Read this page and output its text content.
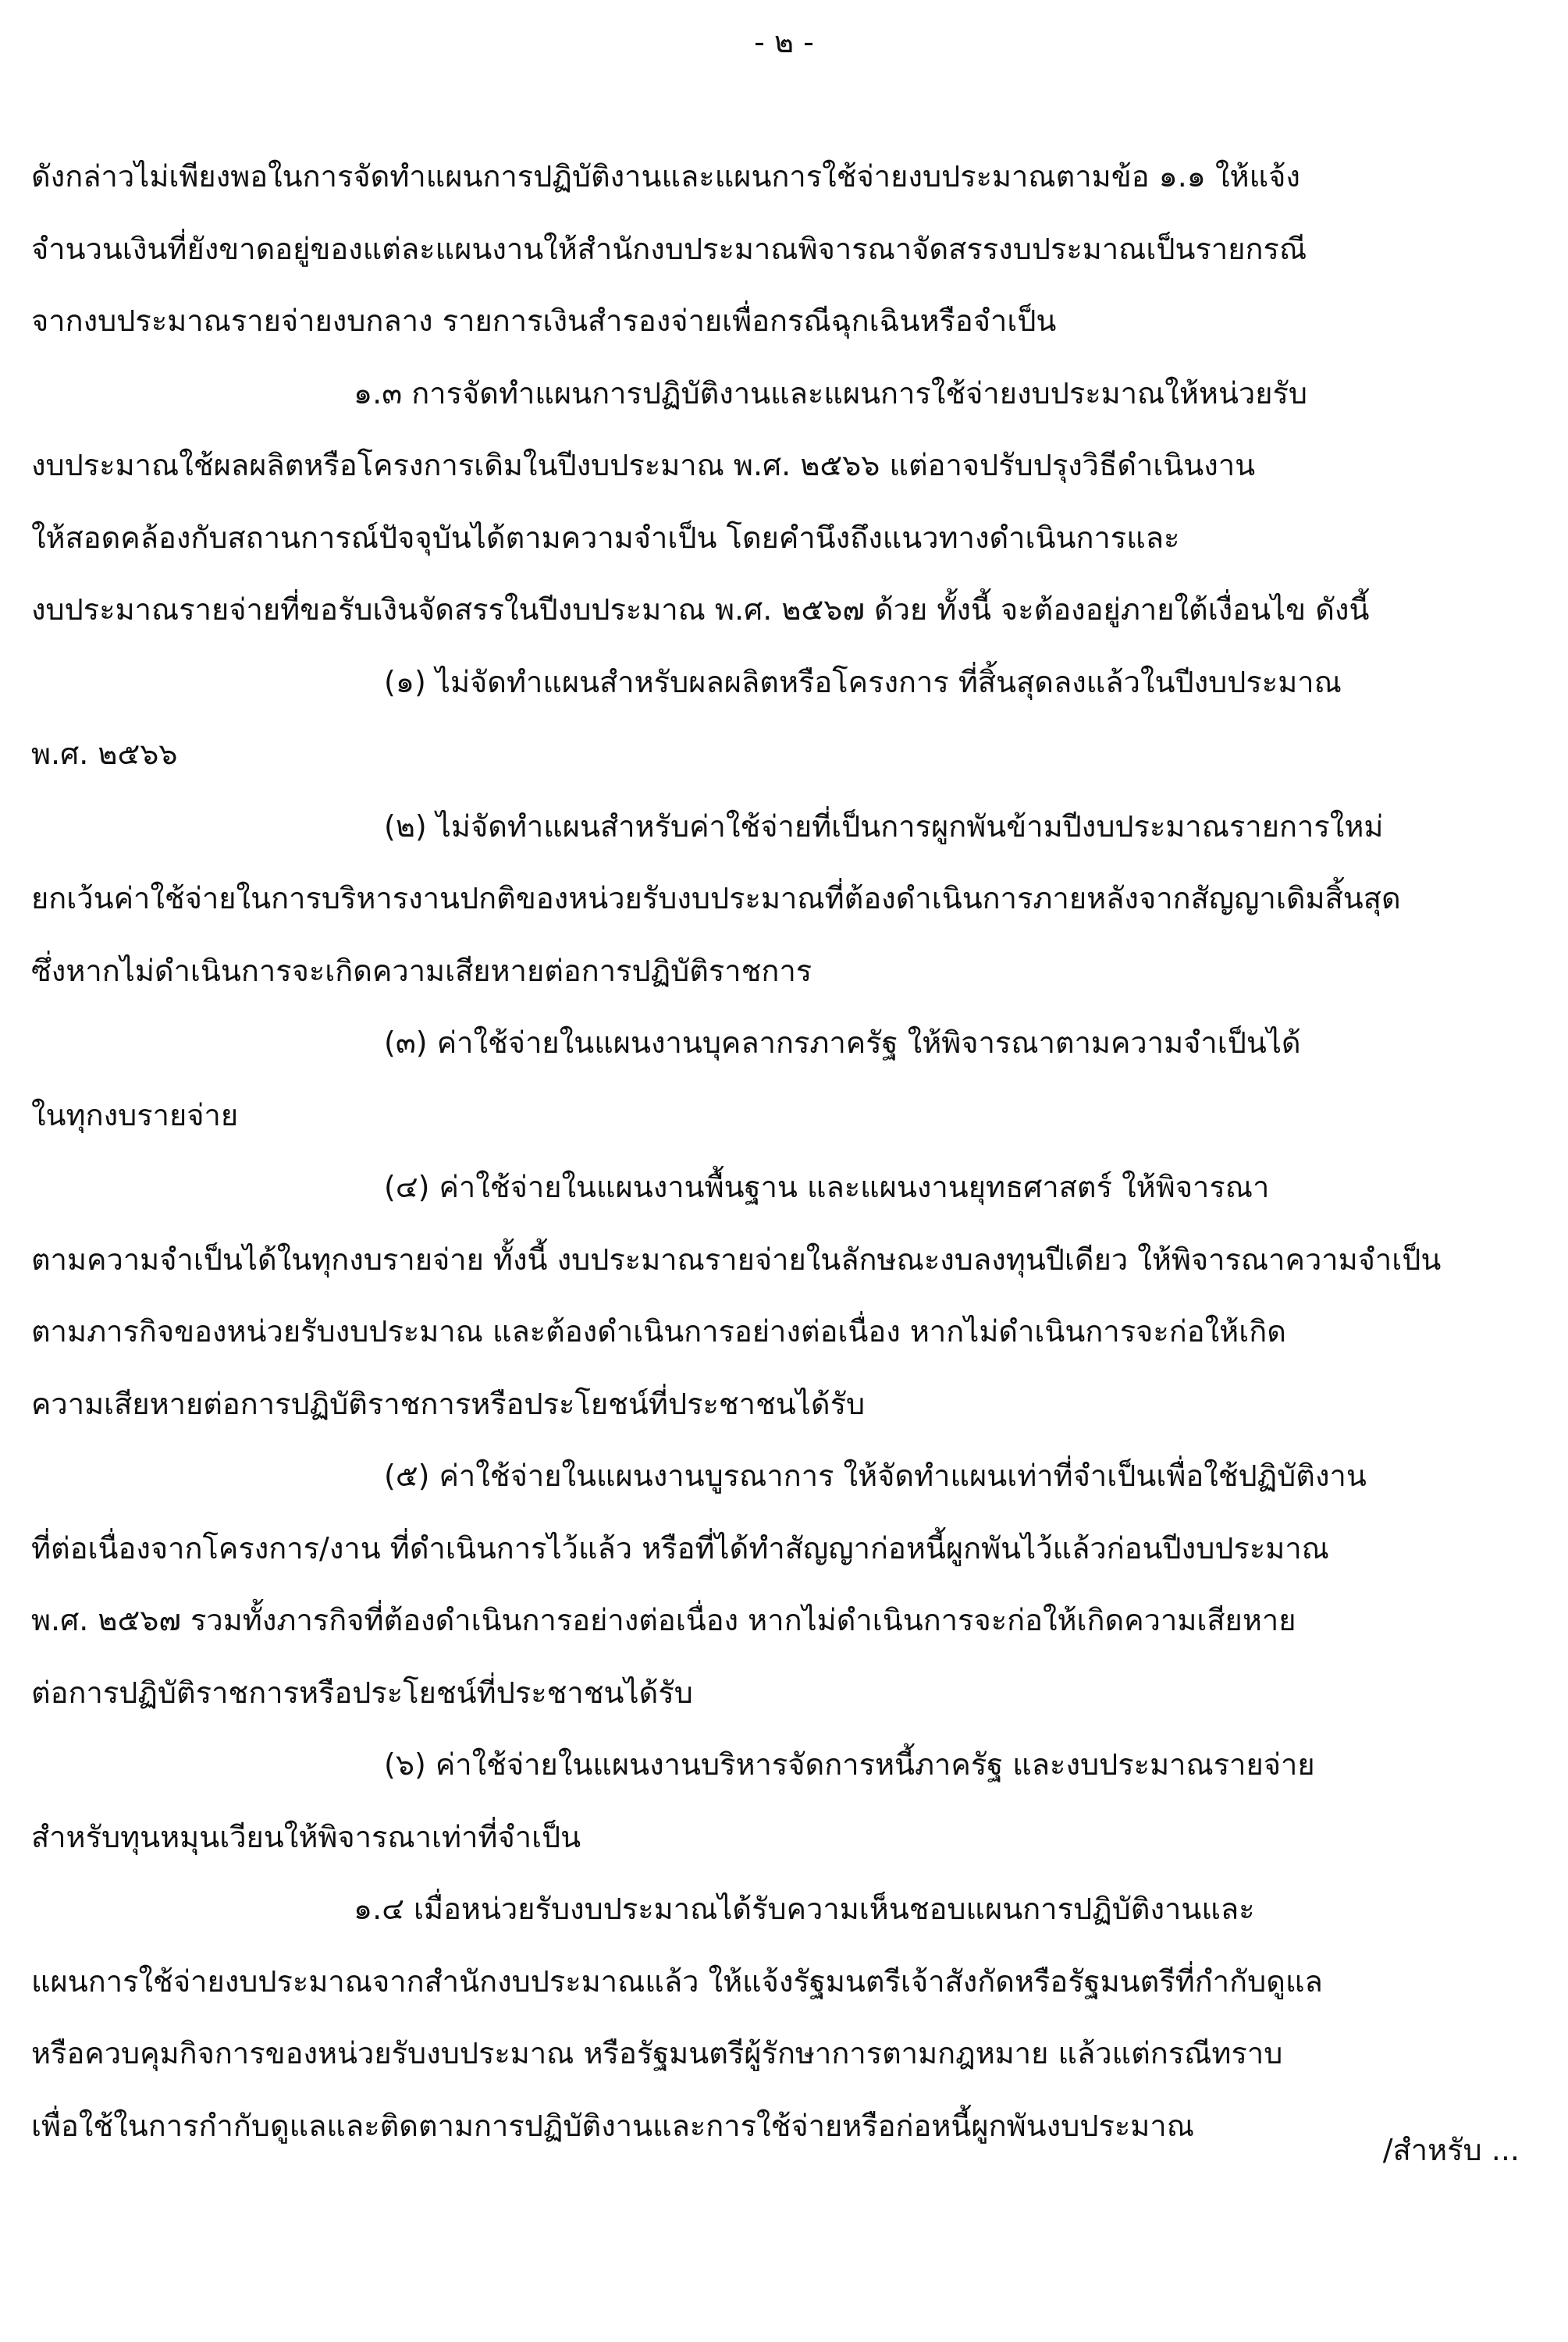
- ๒ -
ดังกล่าวไม่เพียงพอในการจัดทำแผนการปฏิบัติงานและแผนการใช้จ่ายงบประมาณตามข้อ ๑.๑ ให้แจ้ง
จำนวนเงินที่ยังขาดอยู่ของแต่ละแผนงานให้สำนักงบประมาณพิจารณาจัดสรรงบประมาณเป็นรายกรณี
จากงบประมาณรายจ่ายงบกลาง รายการเงินสำรองจ่ายเพื่อกรณีฉุกเฉินหรือจำเป็น
๑.๓ การจัดทำแผนการปฏิบัติงานและแผนการใช้จ่ายงบประมาณให้หน่วยรับ
งบประมาณใช้ผลผลิตหรือโครงการเดิมในปีงบประมาณ พ.ศ. ๒๕๖๖ แต่อาจปรับปรุงวิธีดำเนินงาน
ให้สอดคล้องกับสถานการณ์ปัจจุบันได้ตามความจำเป็น โดยคำนึงถึงแนวทางดำเนินการและ
งบประมาณรายจ่ายที่ขอรับเงินจัดสรรในปีงบประมาณ พ.ศ. ๒๕๖๗ ด้วย ทั้งนี้ จะต้องอยู่ภายใต้เงื่อนไข ดังนี้
(๑) ไม่จัดทำแผนสำหรับผลผลิตหรือโครงการ ที่สิ้นสุดลงแล้วในปีงบประมาณ
พ.ศ. ๒๕๖๖
(๒) ไม่จัดทำแผนสำหรับค่าใช้จ่ายที่เป็นการผูกพันข้ามปีงบประมาณรายการใหม่
ยกเว้นค่าใช้จ่ายในการบริหารงานปกติของหน่วยรับงบประมาณที่ต้องดำเนินการภายหลังจากสัญญาเดิมสิ้นสุด
ซึ่งหากไม่ดำเนินการจะเกิดความเสียหายต่อการปฏิบัติราชการ
(๓) ค่าใช้จ่ายในแผนงานบุคลากรภาครัฐ ให้พิจารณาตามความจำเป็นได้
ในทุกงบรายจ่าย
(๔) ค่าใช้จ่ายในแผนงานพื้นฐาน และแผนงานยุทธศาสตร์ ให้พิจารณา
ตามความจำเป็นได้ในทุกงบรายจ่าย ทั้งนี้ งบประมาณรายจ่ายในลักษณะงบลงทุนปีเดียว ให้พิจารณาความจำเป็น
ตามภารกิจของหน่วยรับงบประมาณ และต้องดำเนินการอย่างต่อเนื่อง หากไม่ดำเนินการจะก่อให้เกิด
ความเสียหายต่อการปฏิบัติราชการหรือประโยชน์ที่ประชาชนได้รับ
(๕) ค่าใช้จ่ายในแผนงานบูรณาการ ให้จัดทำแผนเท่าที่จำเป็นเพื่อใช้ปฏิบัติงาน
ที่ต่อเนื่องจากโครงการ/งาน ที่ดำเนินการไว้แล้ว หรือที่ได้ทำสัญญาก่อหนี้ผูกพันไว้แล้วก่อนปีงบประมาณ
พ.ศ. ๒๕๖๗ รวมทั้งภารกิจที่ต้องดำเนินการอย่างต่อเนื่อง หากไม่ดำเนินการจะก่อให้เกิดความเสียหาย
ต่อการปฏิบัติราชการหรือประโยชน์ที่ประชาชนได้รับ
(๖) ค่าใช้จ่ายในแผนงานบริหารจัดการหนี้ภาครัฐ และงบประมาณรายจ่าย
สำหรับทุนหมุนเวียนให้พิจารณาเท่าที่จำเป็น
๑.๔ เมื่อหน่วยรับงบประมาณได้รับความเห็นชอบแผนการปฏิบัติงานและ
แผนการใช้จ่ายงบประมาณจากสำนักงบประมาณแล้ว ให้แจ้งรัฐมนตรีเจ้าสังกัดหรือรัฐมนตรีที่กำกับดูแล
หรือควบคุมกิจการของหน่วยรับงบประมาณ หรือรัฐมนตรีผู้รักษาการตามกฎหมาย แล้วแต่กรณีทราบ
เพื่อใช้ในการกำกับดูแลและติดตามการปฏิบัติงานและการใช้จ่ายหรือก่อหนี้ผูกพันงบประมาณ
/สำหรับ ...
